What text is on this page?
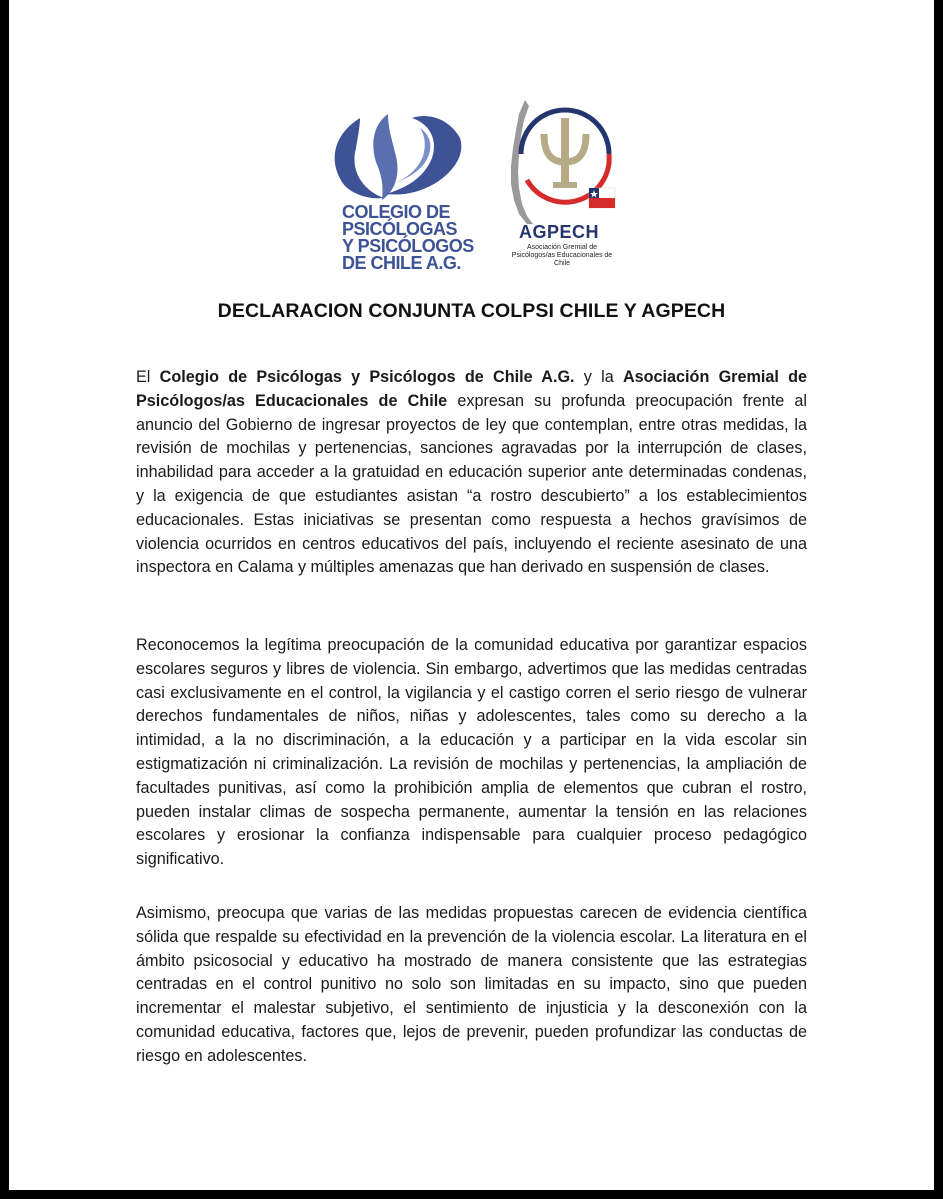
COLEGIO DE
PSICÓLOGAS
Y PSICÓLOGOS
DE CHILE A.G.
AGPECH
Asociación Gremial de
Psicólogos/as Educacionales de
Chile
DECLARACION CONJUNTA COLPSI CHILE Y AGPECH

El Colegio de Psicólogas y Psicólogos de Chile A.G. y la Asociación Gremial de Psicólogos/as Educacionales de Chile expresan su profunda preocupación frente al anuncio del Gobierno de ingresar proyectos de ley que contemplan, entre otras medidas, la revisión de mochilas y pertenencias, sanciones agravadas por la interrupción de clases, inhabilidad para acceder a la gratuidad en educación superior ante determinadas condenas, y la exigencia de que estudiantes asistan “a rostro descubierto” a los establecimientos educacionales. Estas iniciativas se presentan como respuesta a hechos gravísimos de violencia ocurridos en centros educativos del país, incluyendo el reciente asesinato de una inspectora en Calama y múltiples amenazas que han derivado en suspensión de clases.

Reconocemos la legítima preocupación de la comunidad educativa por garantizar espacios escolares seguros y libres de violencia. Sin embargo, advertimos que las medidas centradas casi exclusivamente en el control, la vigilancia y el castigo corren el serio riesgo de vulnerar derechos fundamentales de niños, niñas y adolescentes, tales como su derecho a la intimidad, a la no discriminación, a la educación y a participar en la vida escolar sin estigmatización ni criminalización. La revisión de mochilas y pertenencias, la ampliación de facultades punitivas, así como la prohibición amplia de elementos que cubran el rostro, pueden instalar climas de sospecha permanente, aumentar la tensión en las relaciones escolares y erosionar la confianza indispensable para cualquier proceso pedagógico significativo.

Asimismo, preocupa que varias de las medidas propuestas carecen de evidencia científica sólida que respalde su efectividad en la prevención de la violencia escolar. La literatura en el ámbito psicosocial y educativo ha mostrado de manera consistente que las estrategias centradas en el control punitivo no solo son limitadas en su impacto, sino que pueden incrementar el malestar subjetivo, el sentimiento de injusticia y la desconexión con la comunidad educativa, factores que, lejos de prevenir, pueden profundizar las conductas de riesgo en adolescentes.
